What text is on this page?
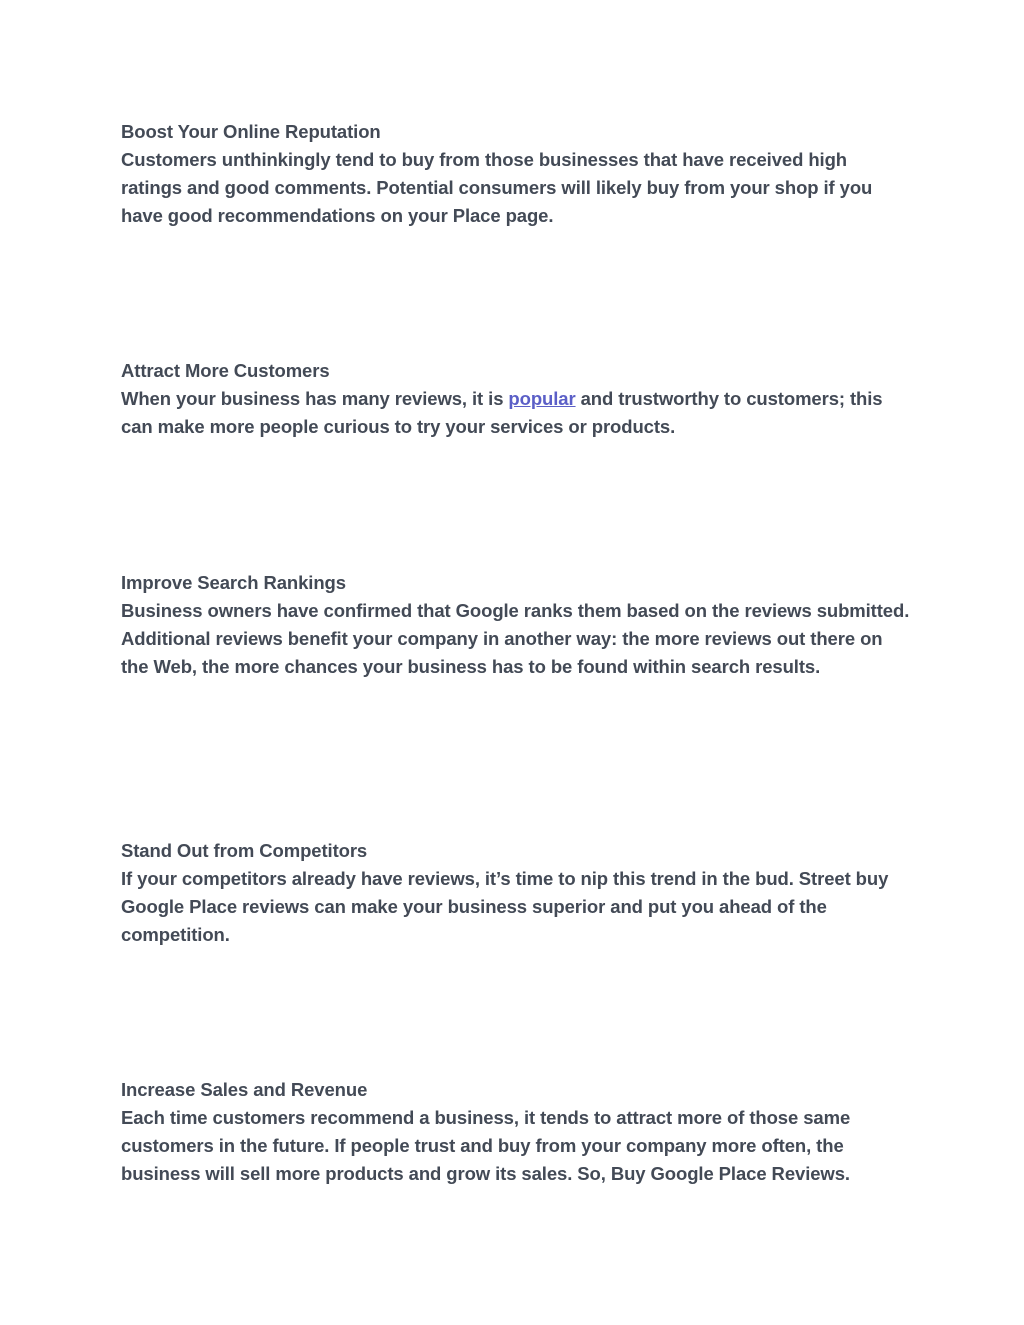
Boost Your Online Reputation
Customers unthinkingly tend to buy from those businesses that have received high ratings and good comments. Potential consumers will likely buy from your shop if you have good recommendations on your Place page.

Attract More Customers
When your business has many reviews, it is popular and trustworthy to customers; this can make more people curious to try your services or products.

Improve Search Rankings
Business owners have confirmed that Google ranks them based on the reviews submitted. Additional reviews benefit your company in another way: the more reviews out there on the Web, the more chances your business has to be found within search results.

Stand Out from Competitors
If your competitors already have reviews, it’s time to nip this trend in the bud. Street buy Google Place reviews can make your business superior and put you ahead of the competition.

Increase Sales and Revenue
Each time customers recommend a business, it tends to attract more of those same customers in the future. If people trust and buy from your company more often, the business will sell more products and grow its sales. So, Buy Google Place Reviews.
